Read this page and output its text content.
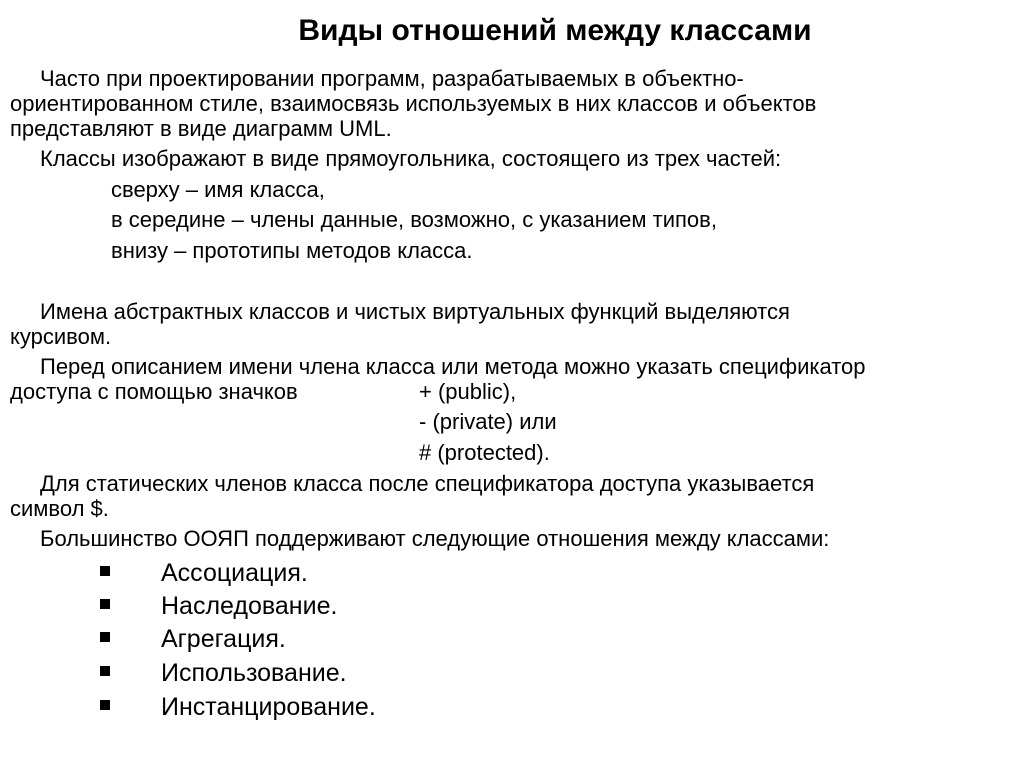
Виды отношений между классами
Часто при проектировании программ, разрабатываемых в объектно-
ориентированном стиле, взаимосвязь используемых в них классов и объектов
представляют в виде диаграмм UML.
Классы изображают в виде прямоугольника, состоящего из трех частей:
сверху – имя класса,
в середине – члены данные, возможно, с указанием типов,
внизу – прототипы методов класса.
Имена абстрактных классов и чистых виртуальных функций выделяются
курсивом.
Перед описанием имени члена класса или метода можно указать спецификатор
доступа с помощью значков	+ (public),
- (private) или
# (protected).
Для статических членов класса после спецификатора доступа указывается
символ $.
Большинство ООЯП поддерживают следующие отношения между классами:
Ассоциация.
Наследование.
Агрегация.
Использование.
Инстанцирование.
